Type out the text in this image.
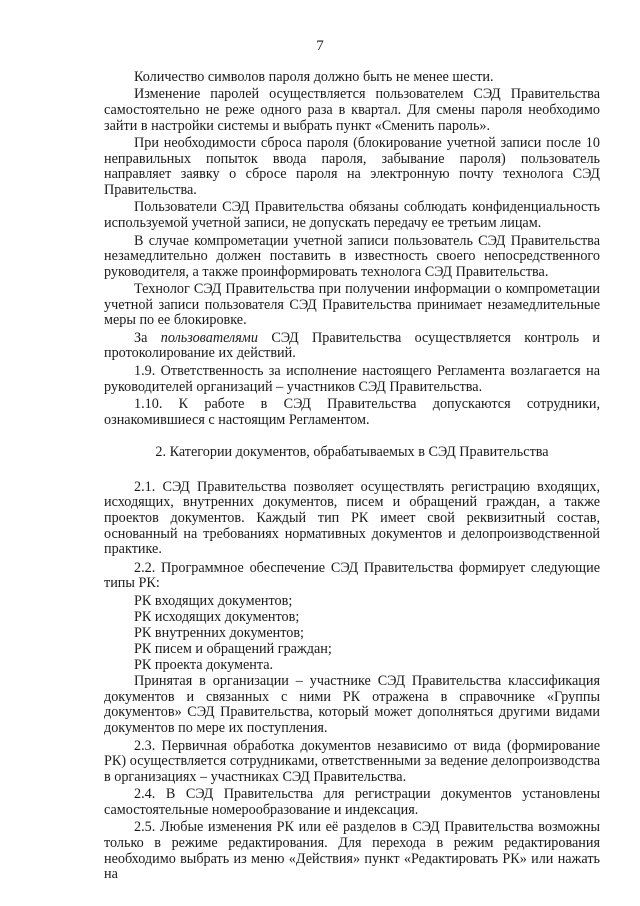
7

Количество символов пароля должно быть не менее шести.

Изменение паролей осуществляется пользователем СЭД Правительства самостоятельно не реже одного раза в квартал. Для смены пароля необходимо зайти в настройки системы и выбрать пункт «Сменить пароль».

При необходимости сброса пароля (блокирование учетной записи после 10 неправильных попыток ввода пароля, забывание пароля) пользователь направляет заявку о сбросе пароля на электронную почту технолога СЭД Правительства.

Пользователи СЭД Правительства обязаны соблюдать конфиденциальность используемой учетной записи, не допускать передачу ее третьим лицам.

В случае компрометации учетной записи пользователь СЭД Правительства незамедлительно должен поставить в известность своего непосредственного руководителя, а также проинформировать технолога СЭД Правительства.

Технолог СЭД Правительства при получении информации о компрометации учетной записи пользователя СЭД Правительства принимает незамедлительные меры по ее блокировке.

За пользователями СЭД Правительства осуществляется контроль и протоколирование их действий.

1.9. Ответственность за исполнение настоящего Регламента возлагается на руководителей организаций – участников СЭД Правительства.

1.10. К работе в СЭД Правительства допускаются сотрудники, ознакомившиеся с настоящим Регламентом.

2. Категории документов, обрабатываемых в СЭД Правительства

2.1. СЭД Правительства позволяет осуществлять регистрацию входящих, исходящих, внутренних документов, писем и обращений граждан, а также проектов документов. Каждый тип РК имеет свой реквизитный состав, основанный на требованиях нормативных документов и делопроизводственной практике.

2.2. Программное обеспечение СЭД Правительства формирует следующие типы РК:

РК входящих документов;

РК исходящих документов;

РК внутренних документов;

РК писем и обращений граждан;

РК проекта документа.

Принятая в организации – участнике СЭД Правительства классификация документов и связанных с ними РК отражена в справочнике «Группы документов» СЭД Правительства, который может дополняться другими видами документов по мере их поступления.

2.3. Первичная обработка документов независимо от вида (формирование РК) осуществляется сотрудниками, ответственными за ведение делопроизводства в организациях – участниках СЭД Правительства.

2.4. В СЭД Правительства для регистрации документов установлены самостоятельные номерообразование и индексация.

2.5. Любые изменения РК или её разделов в СЭД Правительства возможны только в режиме редактирования. Для перехода в режим редактирования необходимо выбрать из меню «Действия» пункт «Редактировать РК» или нажать на
